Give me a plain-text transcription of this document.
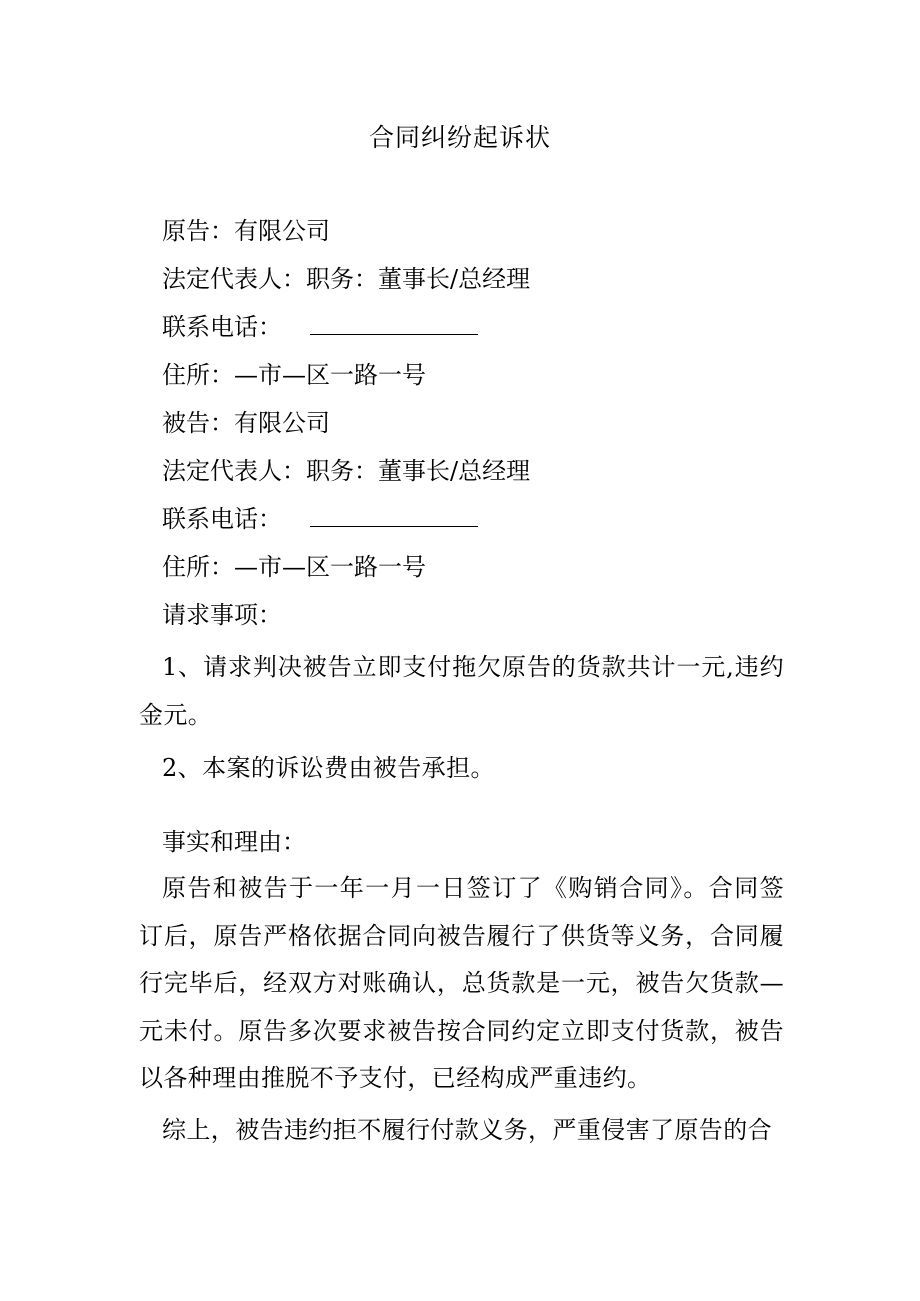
合同纠纷起诉状
原告：有限公司
法定代表人：职务：董事长/总经理
联系电话：
住所：—市—区一路一号
被告：有限公司
法定代表人：职务：董事长/总经理
联系电话：
住所：—市—区一路一号
请求事项：
1、请求判决被告立即支付拖欠原告的货款共计一元,违约金元。
2、本案的诉讼费由被告承担。
事实和理由：
原告和被告于一年一月一日签订了《购销合同》。合同签订后，原告严格依据合同向被告履行了供货等义务，合同履行完毕后，经双方对账确认，总货款是一元，被告欠货款—元未付。原告多次要求被告按合同约定立即支付货款，被告以各种理由推脱不予支付，已经构成严重违约。
综上，被告违约拒不履行付款义务，严重侵害了原告的合
